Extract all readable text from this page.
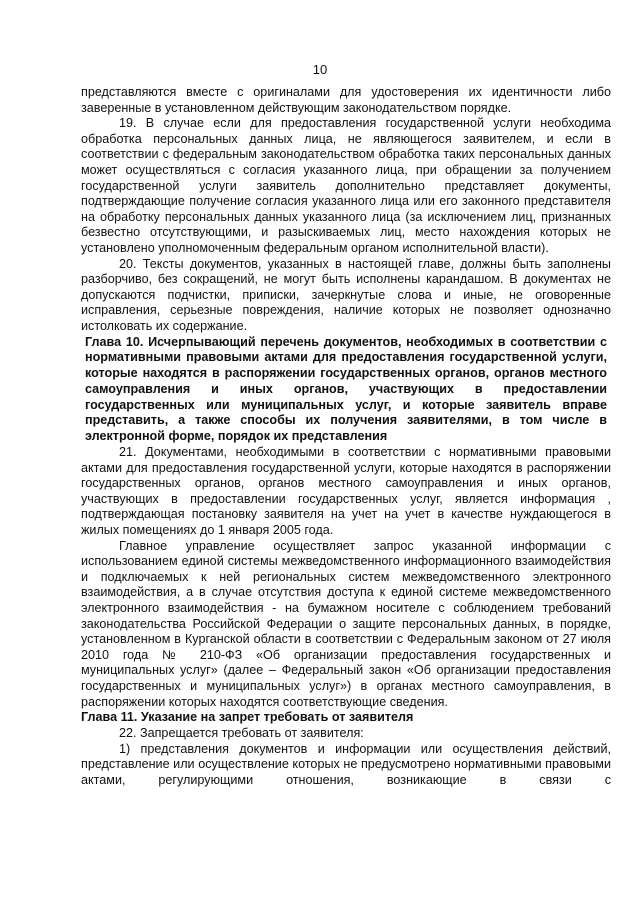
10

представляются вместе с оригиналами для удостоверения их идентичности либо заверенные в установленном действующим законодательством порядке.

19. В случае если для предоставления государственной услуги необходима обработка персональных данных лица, не являющегося заявителем, и если в соответствии с федеральным законодательством обработка таких персональных данных может осуществляться с согласия указанного лица, при обращении за получением государственной услуги заявитель дополнительно представляет документы, подтверждающие получение согласия указанного лица или его законного представителя на обработку персональных данных указанного лица (за исключением лиц, признанных безвестно отсутствующими, и разыскиваемых лиц, место нахождения которых не установлено уполномоченным федеральным органом исполнительной власти).

20. Тексты документов, указанных в настоящей главе, должны быть заполнены разборчиво, без сокращений, не могут быть исполнены карандашом. В документах не допускаются подчистки, приписки, зачеркнутые слова и иные, не оговоренные исправления, серьезные повреждения, наличие которых не позволяет однозначно истолковать их содержание.

Глава 10. Исчерпывающий перечень документов, необходимых в соответствии с нормативными правовыми актами для предоставления государственной услуги, которые находятся в распоряжении государственных органов, органов местного самоуправления и иных органов, участвующих в предоставлении государственных или муниципальных услуг, и которые заявитель вправе представить, а также способы их получения заявителями, в том числе в электронной форме, порядок их представления

21. Документами, необходимыми в соответствии с нормативными правовыми актами для предоставления государственной услуги, которые находятся в распоряжении государственных органов, органов местного самоуправления и иных органов, участвующих в предоставлении государственных услуг, является информация , подтверждающая постановку заявителя на учет на учет в качестве нуждающегося в жилых помещениях до 1 января 2005 года.

Главное управление осуществляет запрос указанной информации с использованием единой системы межведомственного информационного взаимодействия и подключаемых к ней региональных систем межведомственного электронного взаимодействия, а в случае отсутствия доступа к единой системе межведомственного электронного взаимодействия - на бумажном носителе с соблюдением требований законодательства Российской Федерации о защите персональных данных, в порядке, установленном в Курганской области в соответствии с Федеральным законом от 27 июля 2010 года № 210-ФЗ «Об организации предоставления государственных и муниципальных услуг» (далее – Федеральный закон «Об организации предоставления государственных и муниципальных услуг») в органах местного самоуправления, в распоряжении которых находятся соответствующие сведения.

Глава 11. Указание на запрет требовать от заявителя

22. Запрещается требовать от заявителя:

1) представления документов и информации или осуществления действий, представление или осуществление которых не предусмотрено нормативными правовыми актами, регулирующими отношения, возникающие в связи с
